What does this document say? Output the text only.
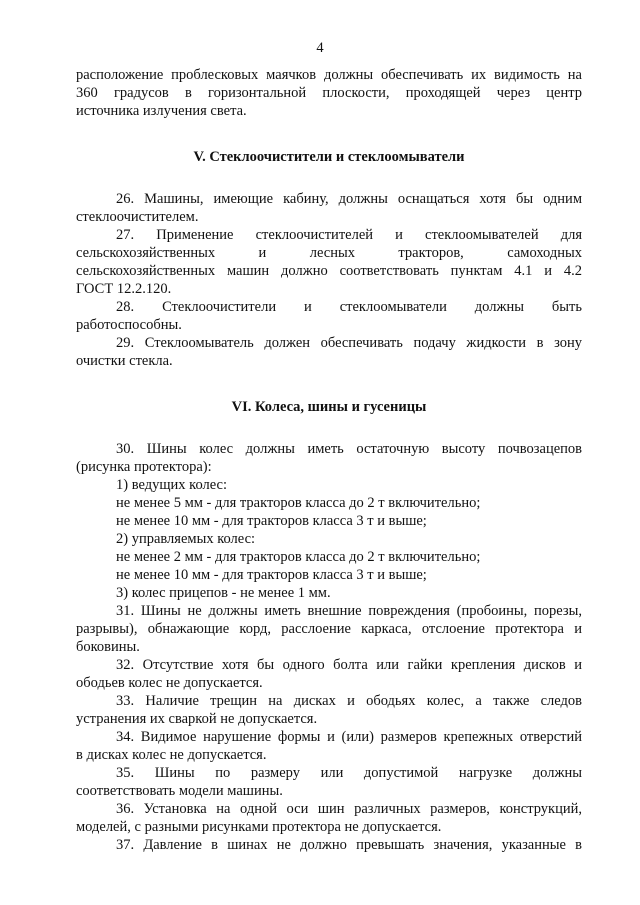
4

расположение проблесковых маячков должны обеспечивать их видимость на

360 градусов в горизонтальной плоскости, проходящей через центр

источника излучения света.

V. Стеклоочистители и стеклоомыватели

26. Машины, имеющие кабину, должны оснащаться хотя бы одним

стеклоочистителем.

27. Применение стеклоочистителей и стеклоомывателей для

сельскохозяйственных и лесных тракторов, самоходных

сельскохозяйственных машин должно соответствовать пунктам 4.1 и 4.2

ГОСТ 12.2.120.

28. Стеклоочистители и стеклоомыватели должны быть

работоспособны.

29. Стеклоомыватель должен обеспечивать подачу жидкости в зону

очистки стекла.

VI. Колеса, шины и гусеницы

30. Шины колес должны иметь остаточную высоту почвозацепов

(рисунка протектора):

1) ведущих колес:

не менее 5 мм - для тракторов класса до 2 т включительно;

не менее 10 мм - для тракторов класса 3 т и выше;

2) управляемых колес:

не менее 2 мм - для тракторов класса до 2 т включительно;

не менее 10 мм - для тракторов класса 3 т и выше;

3) колес прицепов - не менее 1 мм.

31. Шины не должны иметь внешние повреждения (пробоины, порезы,

разрывы), обнажающие корд, расслоение каркаса, отслоение протектора и

боковины.

32. Отсутствие хотя бы одного болта или гайки крепления дисков и

ободьев колес не допускается.

33. Наличие трещин на дисках и ободьях колес, а также следов

устранения их сваркой не допускается.

34. Видимое нарушение формы и (или) размеров крепежных отверстий

в дисках колес не допускается.

35. Шины по размеру или допустимой нагрузке должны

соответствовать модели машины.

36. Установка на одной оси шин различных размеров, конструкций,

моделей, с разными рисунками протектора не допускается.

37. Давление в шинах не должно превышать значения, указанные в
